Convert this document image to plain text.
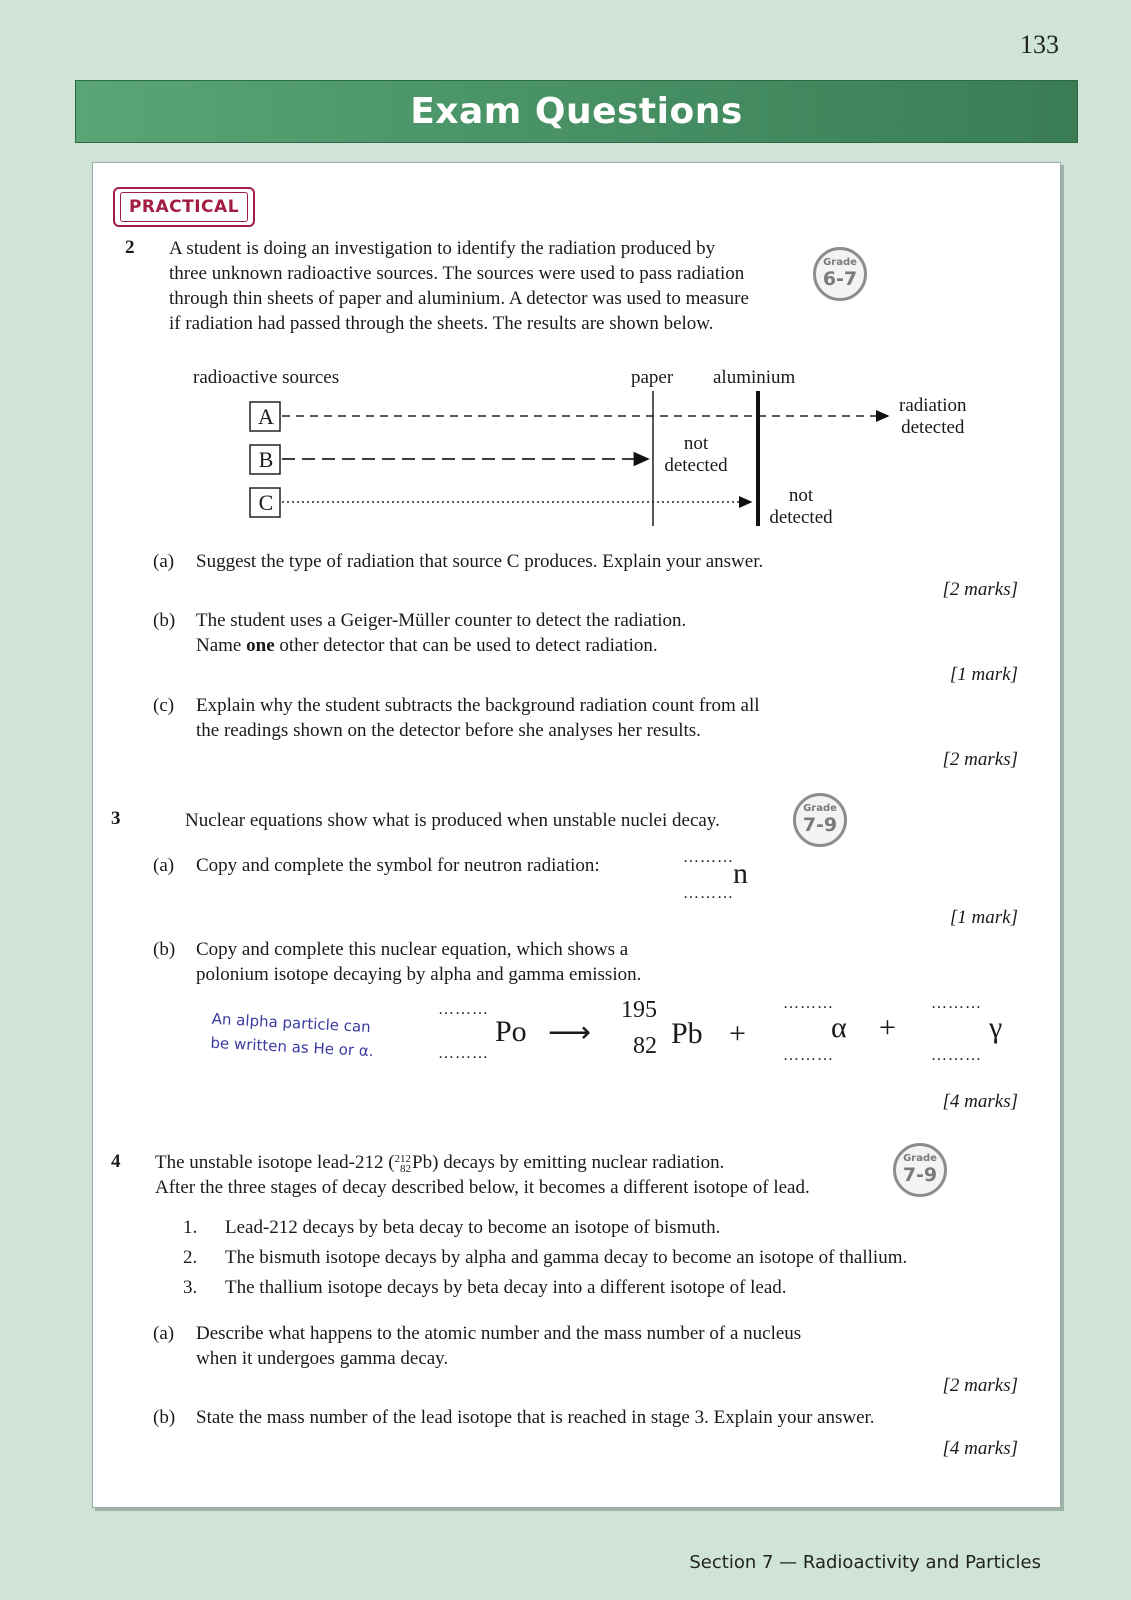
133
Exam Questions
PRACTICAL
2 A student is doing an investigation to identify the radiation produced by
three unknown radioactive sources. The sources were used to pass radiation
through thin sheets of paper and aluminium. A detector was used to measure
if radiation had passed through the sheets. The results are shown below.
Grade
6-7
radioactive sources	paper aluminium
A
B
C
radiation
detected
not
detected
not
detected
(a) Suggest the type of radiation that source C produces. Explain your answer.
[2 marks]
(b) The student uses a Geiger-Müller counter to detect the radiation.
Name one other detector that can be used to detect radiation.
[1 mark]
(c) Explain why the student subtracts the background radiation count from all
the readings shown on the detector before she analyses her results.
[2 marks]
3	Nuclear equations show what is produced when unstable nuclei decay.
Grade
7-9
(a) Copy and complete the symbol for neutron radiation:	………
………
n
[1 mark]
(b) Copy and complete this nuclear equation, which shows a
polonium isotope decaying by alpha and gamma emission.
An alpha particle can
be written as He or α.
………
………
Po ⟶
195
82 Pb +
………
………
α +
………
………
γ
[4 marks]
4 The unstable isotope lead-212 ( 212
82 Pb) decays by emitting nuclear radiation.
After the three stages of decay described below, it becomes a different isotope of lead.
Grade
7-9
1. Lead-212 decays by beta decay to become an isotope of bismuth.
2. The bismuth isotope decays by alpha and gamma decay to become an isotope of thallium.
3. The thallium isotope decays by beta decay into a different isotope of lead.
(a) Describe what happens to the atomic number and the mass number of a nucleus
when it undergoes gamma decay.
[2 marks]
(b) State the mass number of the lead isotope that is reached in stage 3. Explain your answer.
[4 marks]
Section 7 — Radioactivity and Particles
